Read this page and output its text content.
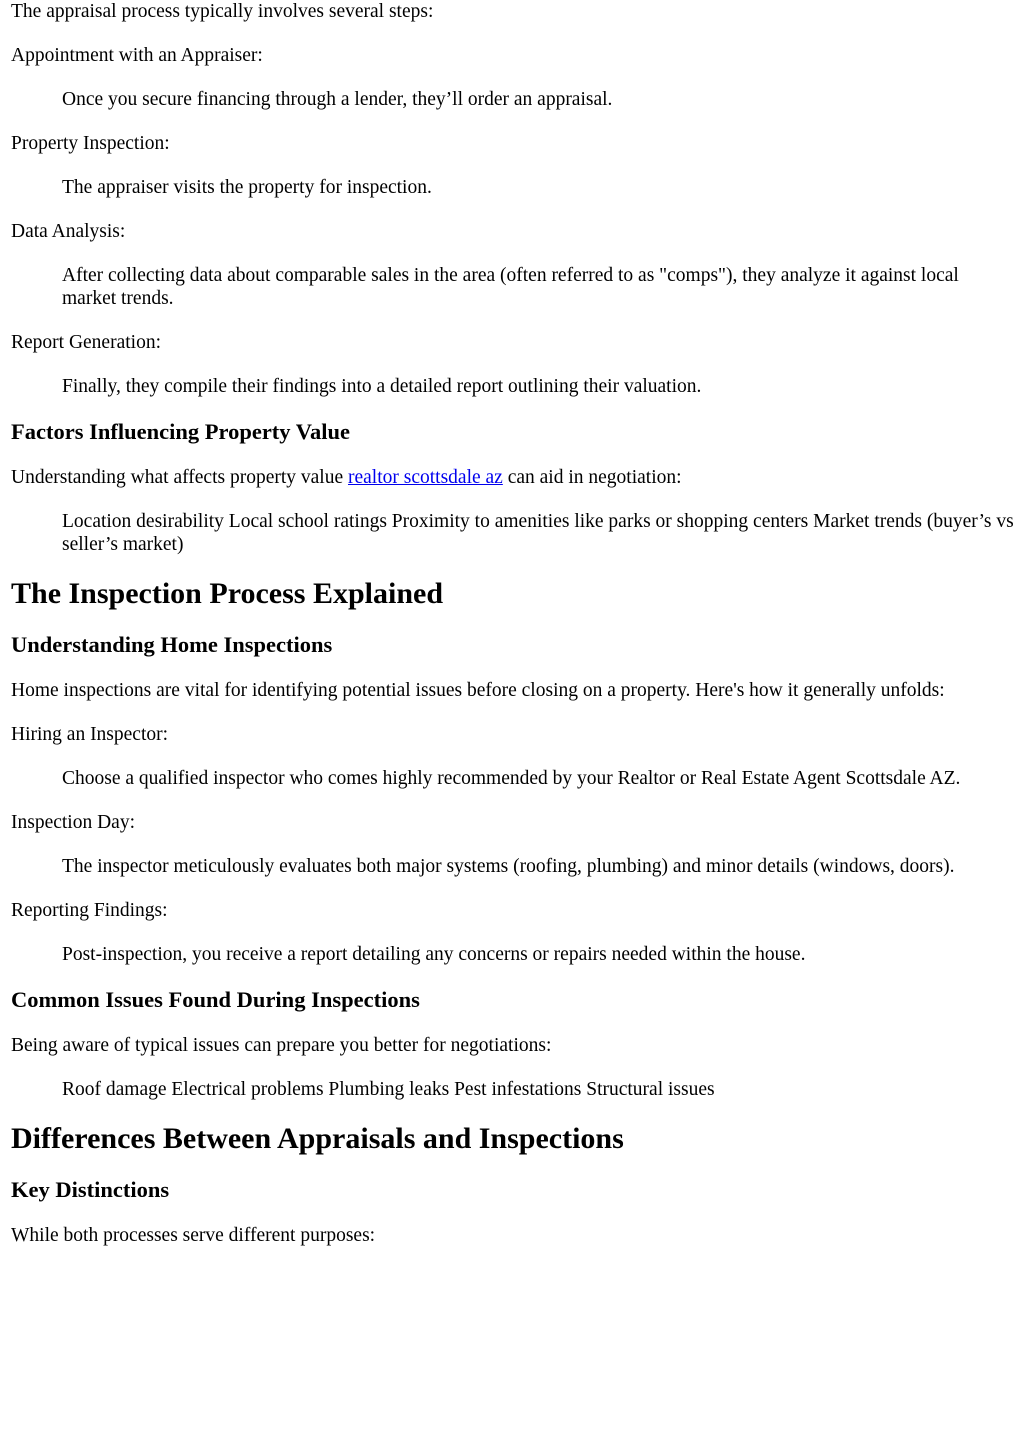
The appraisal process typically involves several steps:

Appointment with an Appraiser:
Once you secure financing through a lender, they’ll order an appraisal.
Property Inspection:
The appraiser visits the property for inspection.
Data Analysis:
After collecting data about comparable sales in the area (often referred to as "comps"), they analyze it against local market trends.
Report Generation:
Finally, they compile their findings into a detailed report outlining their valuation.
Factors Influencing Property Value

Understanding what affects property value realtor scottsdale az can aid in negotiation:

Location desirability Local school ratings Proximity to amenities like parks or shopping centers Market trends (buyer’s vs seller’s market)
The Inspection Process Explained
Understanding Home Inspections

Home inspections are vital for identifying potential issues before closing on a property. Here's how it generally unfolds:

Hiring an Inspector:
Choose a qualified inspector who comes highly recommended by your Realtor or Real Estate Agent Scottsdale AZ.
Inspection Day:
The inspector meticulously evaluates both major systems (roofing, plumbing) and minor details (windows, doors).
Reporting Findings:
Post-inspection, you receive a report detailing any concerns or repairs needed within the house.
Common Issues Found During Inspections

Being aware of typical issues can prepare you better for negotiations:

Roof damage Electrical problems Plumbing leaks Pest infestations Structural issues
Differences Between Appraisals and Inspections
Key Distinctions

While both processes serve different purposes:
